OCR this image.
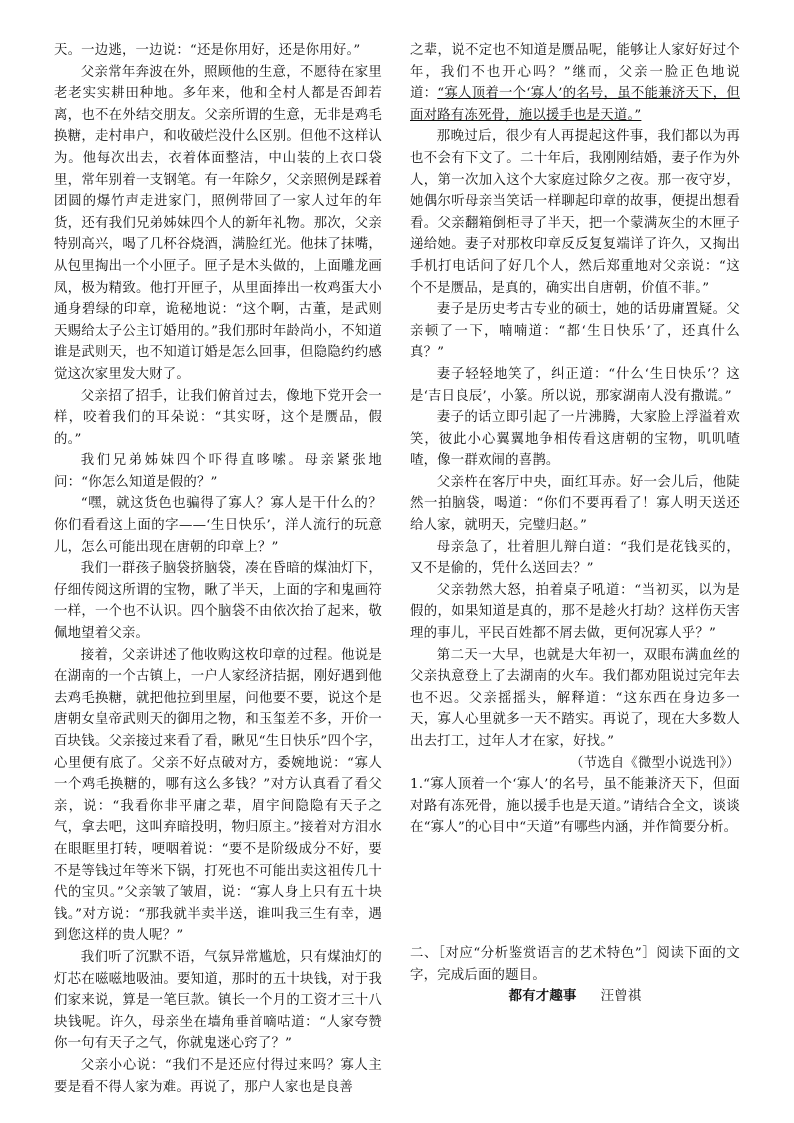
天。一边逃，一边说：“还是你用好，还是你用好。”

父亲常年奔波在外，照顾他的生意，不愿待在家里老老实实耕田种地。多年来，他和全村人都是否卸若离，也不在外结交朋友。父亲所谓的生意，无非是鸡毛换糖，走村串户，和收破烂没什么区别。但他不这样认为。他每次出去，衣着体面整洁，中山装的上衣口袋里，常年别着一支钢笔。有一年除夕，父亲照例是踩着团圆的爆竹声走进家门，照例带回了一家人过年的年货，还有我们兄弟姊妹四个人的新年礼物。那次，父亲特别高兴，喝了几杯谷烧酒，满脸红光。他抹了抹嘴，从包里掏出一个小匣子。匣子是木头做的，上面雕龙画凤，极为精致。他打开匣子，从里面捧出一枚鸡蛋大小通身碧绿的印章，诡秘地说：“这个啊，古董，是武则天赐给太子公主订婚用的。”我们那时年龄尚小，不知道谁是武则天，也不知道订婚是怎么回事，但隐隐约约感觉这次家里发大财了。

父亲招了招手，让我们俯首过去，像地下党开会一样，咬着我们的耳朵说：“其实呀，这个是赝品，假的。”

我们兄弟姊妹四个吓得直哆嗦。母亲紧张地问：“你怎么知道是假的？”

“嘿，就这货色也骗得了寡人？寡人是干什么的？你们看看这上面的字——‘生日快乐’，洋人流行的玩意儿，怎么可能出现在唐朝的印章上？”

我们一群孩子脑袋挤脑袋，凑在昏暗的煤油灯下，仔细传阅这所谓的宝物，瞅了半天，上面的字和鬼画符一样，一个也不认识。四个脑袋不由依次抬了起来，敬佩地望着父亲。

接着，父亲讲述了他收购这枚印章的过程。他说是在湖南的一个古镇上，一户人家经济拮据，刚好遇到他去鸡毛换糖，就把他拉到里屋，问他要不要，说这个是唐朝女皇帝武则天的御用之物，和玉玺差不多，开价一百块钱。父亲接过来看了看，瞅见“生日快乐”四个字，心里便有底了。父亲不好点破对方，委婉地说：“寡人一个鸡毛换糖的，哪有这么多钱？”对方认真看了看父亲，说：“我看你非平庸之辈，眉宇间隐隐有天子之气，拿去吧，这叫弃暗投明，物归原主。”接着对方泪水在眼眶里打转，哽咽着说：“要不是阶级成分不好，要不是等钱过年等米下锅，打死也不可能出卖这祖传几十代的宝贝。”父亲皱了皱眉，说：“寡人身上只有五十块钱。”对方说：“那我就半卖半送，谁叫我三生有幸，遇到您这样的贵人呢？”

我们听了沉默不语，气氛异常尴尬，只有煤油灯的灯芯在嗞嗞地吸油。要知道，那时的五十块钱，对于我们家来说，算是一笔巨款。镇长一个月的工资才三十八块钱呢。许久，母亲坐在墙角垂首嘀咕道：“人家夸赞你一句有天子之气，你就鬼迷心窍了？”

父亲小心说：“我们不是还应付得过来吗？寡人主要是看不得人家为难。再说了，那户人家也是良善

之辈，说不定也不知道是赝品呢，能够让人家好好过个年，我们不也开心吗？”继而，父亲一脸正色地说道：“寡人顶着一个‘寡人’的名号，虽不能兼济天下，但面对路有冻死骨，施以援手也是天道。”

那晚过后，很少有人再提起这件事，我们都以为再也不会有下文了。二十年后，我刚刚结婚，妻子作为外人，第一次加入这个大家庭过除夕之夜。那一夜守岁，她偶尔听母亲当笑话一样聊起印章的故事，便提出想看看。父亲翻箱倒柜寻了半天，把一个蒙满灰尘的木匣子递给她。妻子对那枚印章反反复复端详了许久，又掏出手机打电话问了好几个人，然后郑重地对父亲说：“这个不是赝品，是真的，确实出自唐朝，价值不菲。”

妻子是历史考古专业的硕士，她的话毋庸置疑。父亲顿了一下，喃喃道：“都‘生日快乐’了，还真什么真？”

妻子轻轻地笑了，纠正道：“什么‘生日快乐’？这是‘吉日良辰’，小篆。所以说，那家湖南人没有撒谎。”

妻子的话立即引起了一片沸腾，大家脸上浮溢着欢笑，彼此小心翼翼地争相传看这唐朝的宝物，叽叽喳喳，像一群欢闹的喜鹊。

父亲杵在客厅中央，面红耳赤。好一会儿后，他陡然一拍脑袋，喝道：“你们不要再看了！寡人明天送还给人家，就明天，完璧归赵。”

母亲急了，壮着胆儿辩白道：“我们是花钱买的，又不是偷的，凭什么送回去？”

父亲勃然大怒，拍着桌子吼道：“当初买，以为是假的，如果知道是真的，那不是趁火打劫？这样伤天害理的事儿，平民百姓都不屑去做，更何况寡人乎？”

第二天一大早，也就是大年初一，双眼布满血丝的父亲执意登上了去湖南的火车。我们都劝阻说过完年去也不迟。父亲摇摇头，解释道：“这东西在身边多一天，寡人心里就多一天不踏实。再说了，现在大多数人出去打工，过年人才在家，好找。”

（节选自《微型小说选刊》）

1.“寡人顶着一个‘寡人’的名号，虽不能兼济天下，但面对路有冻死骨，施以援手也是天道。”请结合全文，谈谈在“寡人”的心目中“天道”有哪些内涵，并作简要分析。

二、［对应“分析鉴赏语言的艺术特色”］阅读下面的文字，完成后面的题目。

都有才趣事 汪曾祺
